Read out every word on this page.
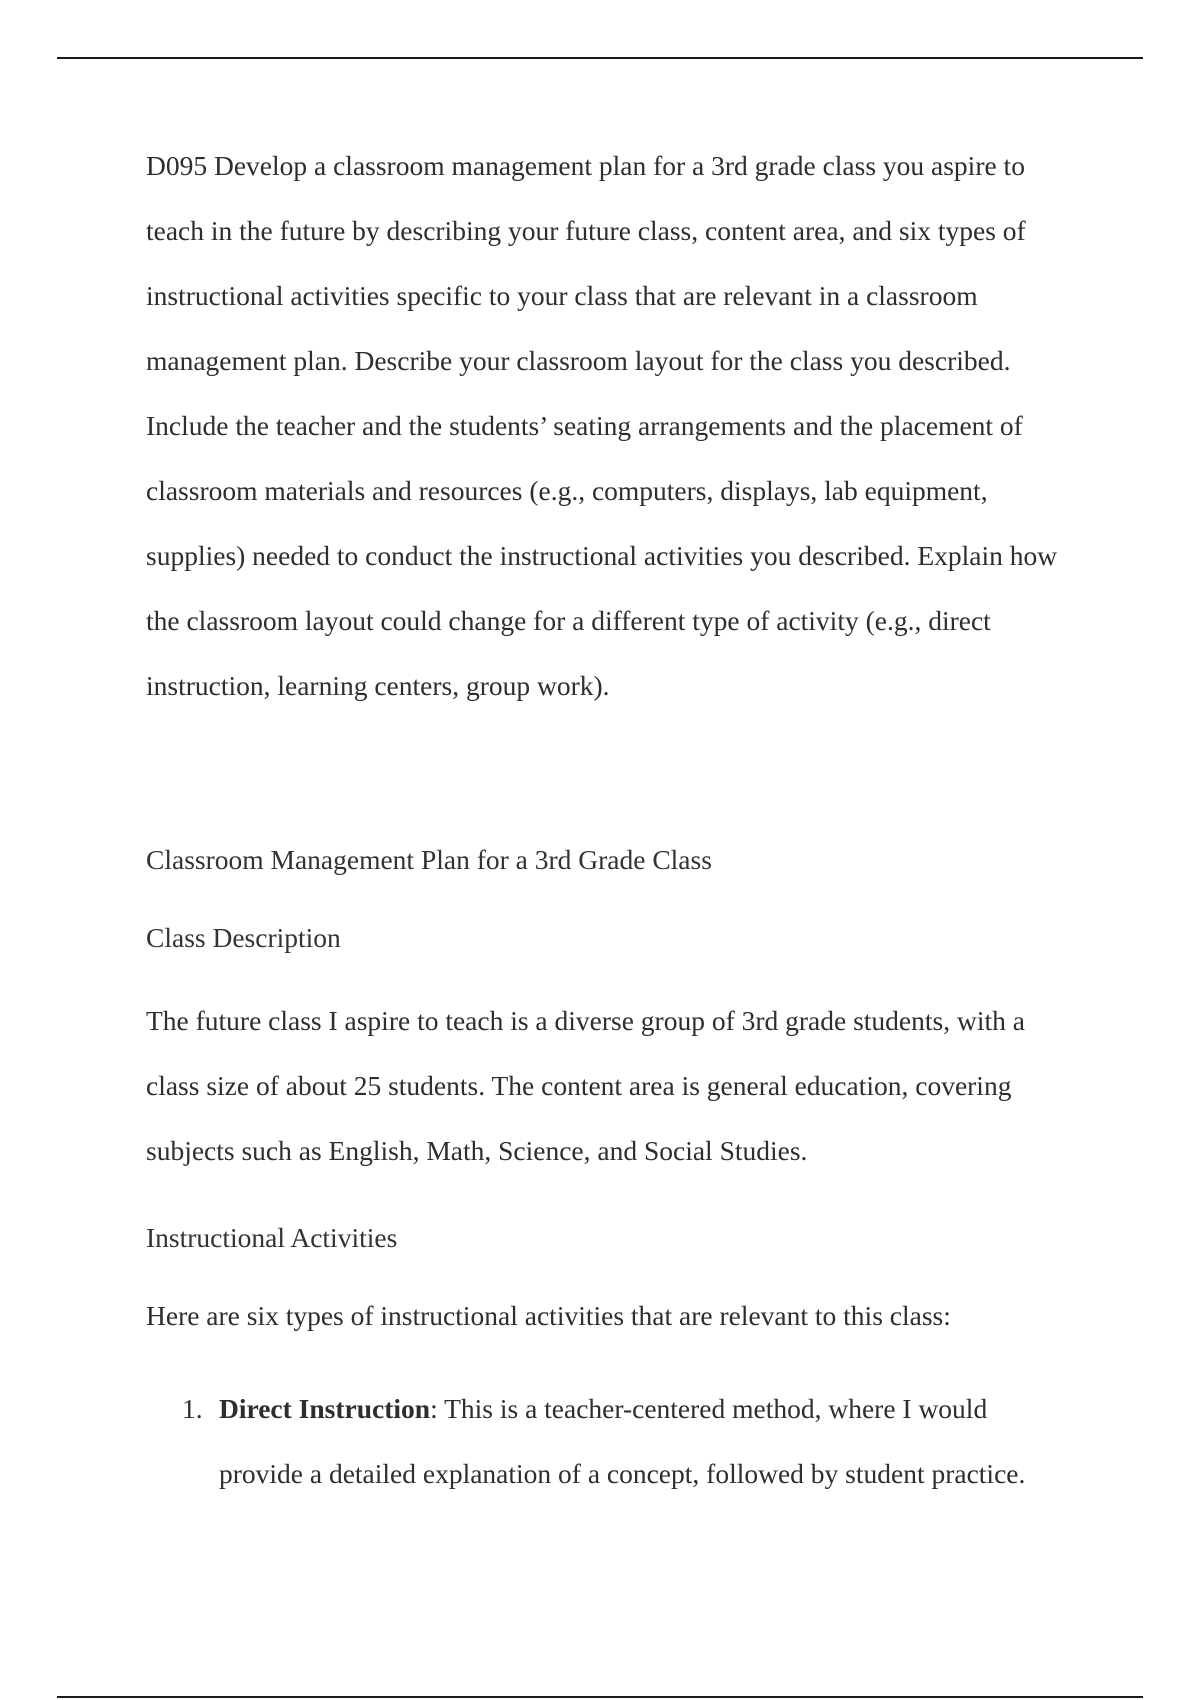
D095 Develop a classroom management plan for a 3rd grade class you aspire to teach in the future by describing your future class, content area, and six types of instructional activities specific to your class that are relevant in a classroom management plan. Describe your classroom layout for the class you described. Include the teacher and the students’ seating arrangements and the placement of classroom materials and resources (e.g., computers, displays, lab equipment, supplies) needed to conduct the instructional activities you described. Explain how the classroom layout could change for a different type of activity (e.g., direct instruction, learning centers, group work).

Classroom Management Plan for a 3rd Grade Class
Class Description

The future class I aspire to teach is a diverse group of 3rd grade students, with a class size of about 25 students. The content area is general education, covering subjects such as English, Math, Science, and Social Studies.

Instructional Activities

Here are six types of instructional activities that are relevant to this class:

1. Direct Instruction: This is a teacher-centered method, where I would provide a detailed explanation of a concept, followed by student practice.
